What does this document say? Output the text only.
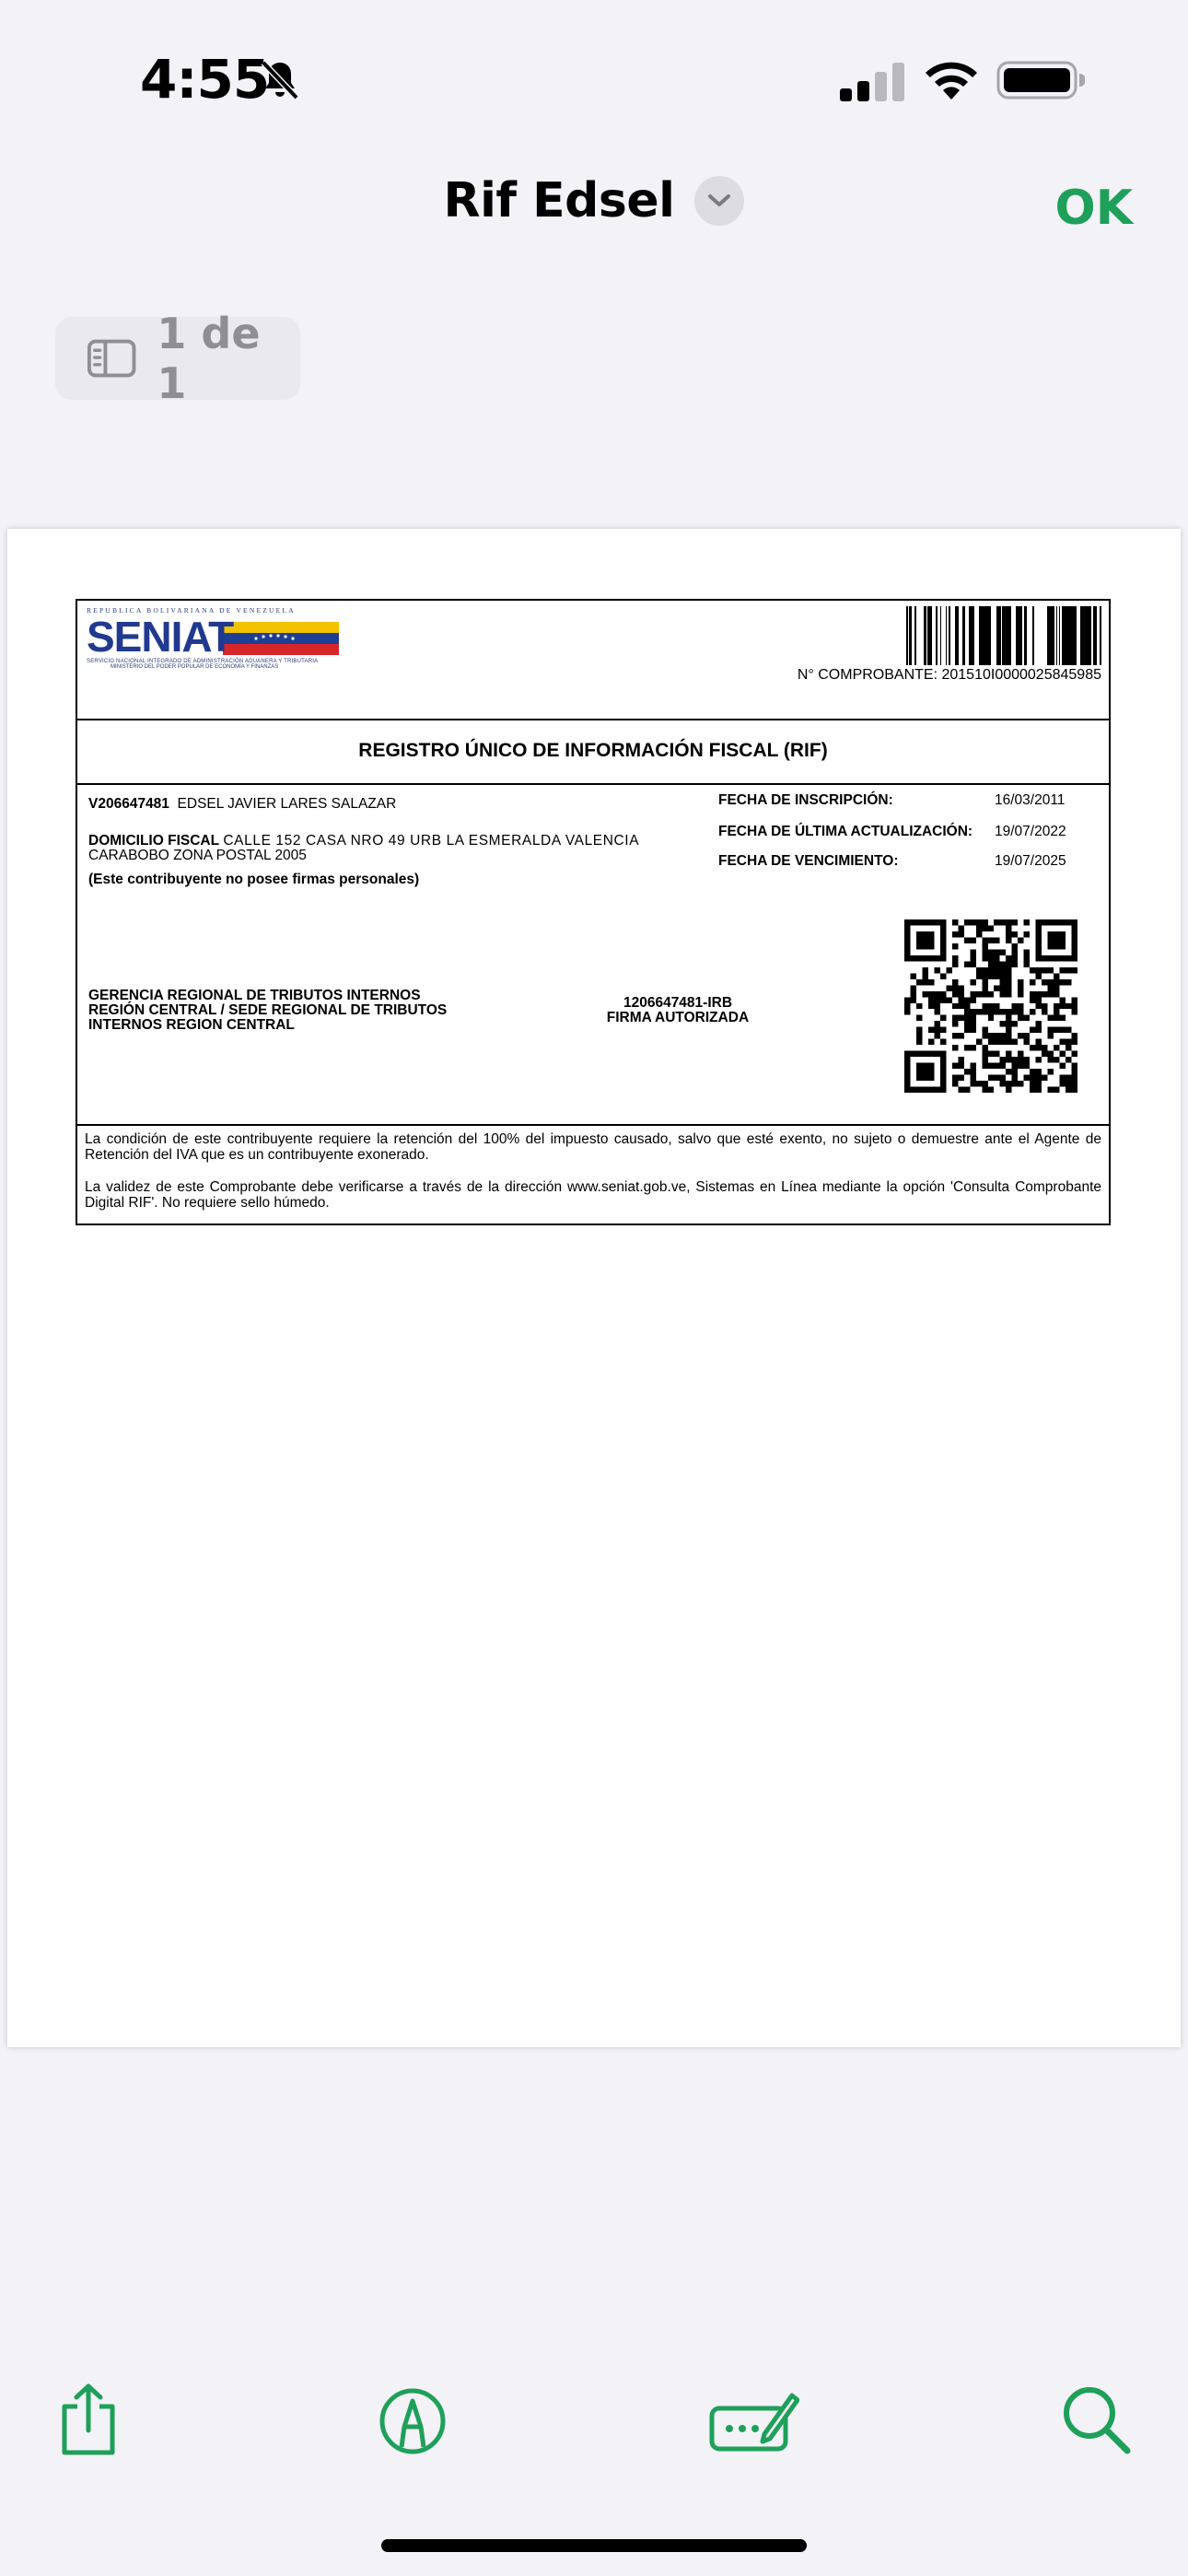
4:55
Rif Edsel	OK
1 de 1
REPUBLICA BOLIVARIANA DE VENEZUELA
SENIAT
SERVICIO NACIONAL INTEGRADO DE ADMINISTRACIÓN ADUANERA Y TRIBUTARIA
MINISTERIO DEL PODER POPULAR DE ECONOMÍA Y FINANZAS	N° COMPROBANTE: 201510I0000025845985
REGISTRO ÚNICO DE INFORMACIÓN FISCAL (RIF)
V206647481 EDSEL JAVIER LARES SALAZAR
DOMICILIO FISCAL CALLE 152 CASA NRO 49 URB LA ESMERALDA VALENCIA
CARABOBO ZONA POSTAL 2005
(Este contribuyente no posee firmas personales)
FECHA DE INSCRIPCIÓN:	16/03/2011
FECHA DE ÚLTIMA ACTUALIZACIÓN: 19/07/2022
FECHA DE VENCIMIENTO:	19/07/2025
GERENCIA REGIONAL DE TRIBUTOS INTERNOS
REGIÓN CENTRAL / SEDE REGIONAL DE TRIBUTOS
INTERNOS REGION CENTRAL
1206647481-IRB
FIRMA AUTORIZADA
La condición de este contribuyente requiere la retención del 100% del impuesto causado, salvo que esté exento, no sujeto o demuestre ante el Agente de Retención del IVA que es un contribuyente exonerado.
La validez de este Comprobante debe verificarse a través de la dirección www.seniat.gob.ve, Sistemas en Línea mediante la opción 'Consulta Comprobante Digital RIF'. No requiere sello húmedo.
